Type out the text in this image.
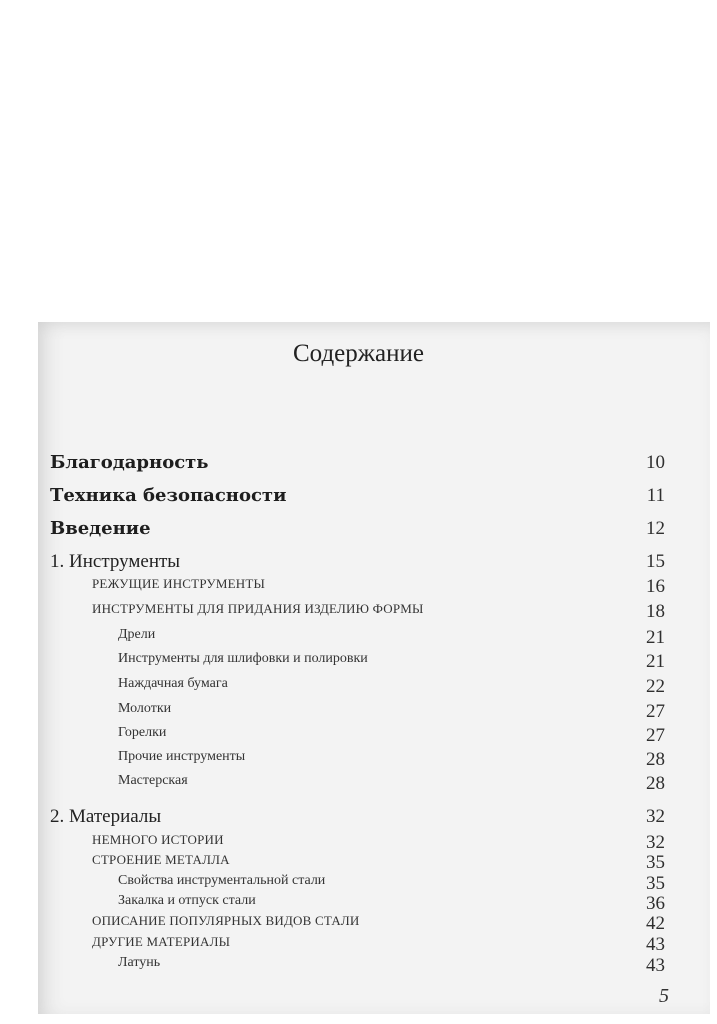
Содержание
Благодарность	10
Техника безопасности	11
Введение	12
1. Инструменты	15
РЕЖУЩИЕ ИНСТРУМЕНТЫ	16
ИНСТРУМЕНТЫ ДЛЯ ПРИДАНИЯ ИЗДЕЛИЮ ФОРМЫ	18
Дрели	21
Инструменты для шлифовки и полировки	21
Наждачная бумага	22
Молотки	27
Горелки	27
Прочие инструменты	28
Мастерская	28
2. Материалы	32
НЕМНОГО ИСТОРИИ	32
СТРОЕНИЕ МЕТАЛЛА	35
Свойства инструментальной стали	35
Закалка и отпуск стали	36
ОПИСАНИЕ ПОПУЛЯРНЫХ ВИДОВ СТАЛИ	42
ДРУГИЕ МАТЕРИАЛЫ	43
Латунь	43
5
